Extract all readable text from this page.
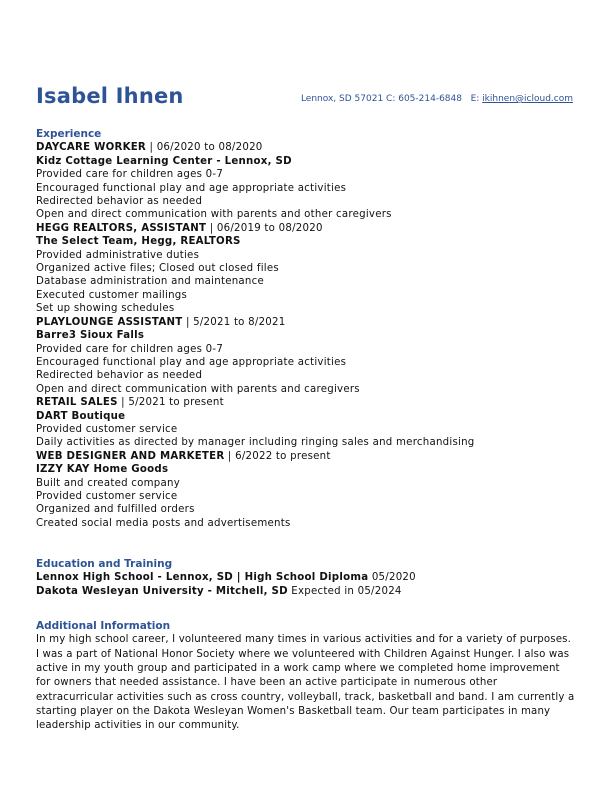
Isabel Ihnen	Lennox, SD 57021 C: 605-214-6848 E: ikihnen@icloud.com
Experience
DAYCARE WORKER | 06/2020 to 08/2020
Kidz Cottage Learning Center - Lennox, SD
Provided care for children ages 0-7
Encouraged functional play and age appropriate activities
Redirected behavior as needed
Open and direct communication with parents and other caregivers
HEGG REALTORS, ASSISTANT | 06/2019 to 08/2020
The Select Team, Hegg, REALTORS
Provided administrative duties
Organized active files; Closed out closed files
Database administration and maintenance
Executed customer mailings
Set up showing schedules
PLAYLOUNGE ASSISTANT | 5/2021 to 8/2021
Barre3 Sioux Falls
Provided care for children ages 0-7
Encouraged functional play and age appropriate activities
Redirected behavior as needed
Open and direct communication with parents and caregivers
RETAIL SALES | 5/2021 to present
DART Boutique
Provided customer service
Daily activities as directed by manager including ringing sales and merchandising
WEB DESIGNER AND MARKETER | 6/2022 to present
IZZY KAY Home Goods
Built and created company
Provided customer service
Organized and fulfilled orders
Created social media posts and advertisements
Education and Training
Lennox High School - Lennox, SD | High School Diploma 05/2020
Dakota Wesleyan University - Mitchell, SD Expected in 05/2024
Additional Information

In my high school career, I volunteered many times in various activities and for a variety of purposes. I was a part of National Honor Society where we volunteered with Children Against Hunger. I also was active in my youth group and participated in a work camp where we completed home improvement for owners that needed assistance. I have been an active participate in numerous other extracurricular activities such as cross country, volleyball, track, basketball and band. I am currently a starting player on the Dakota Wesleyan Women's Basketball team. Our team participates in many leadership activities in our community.
